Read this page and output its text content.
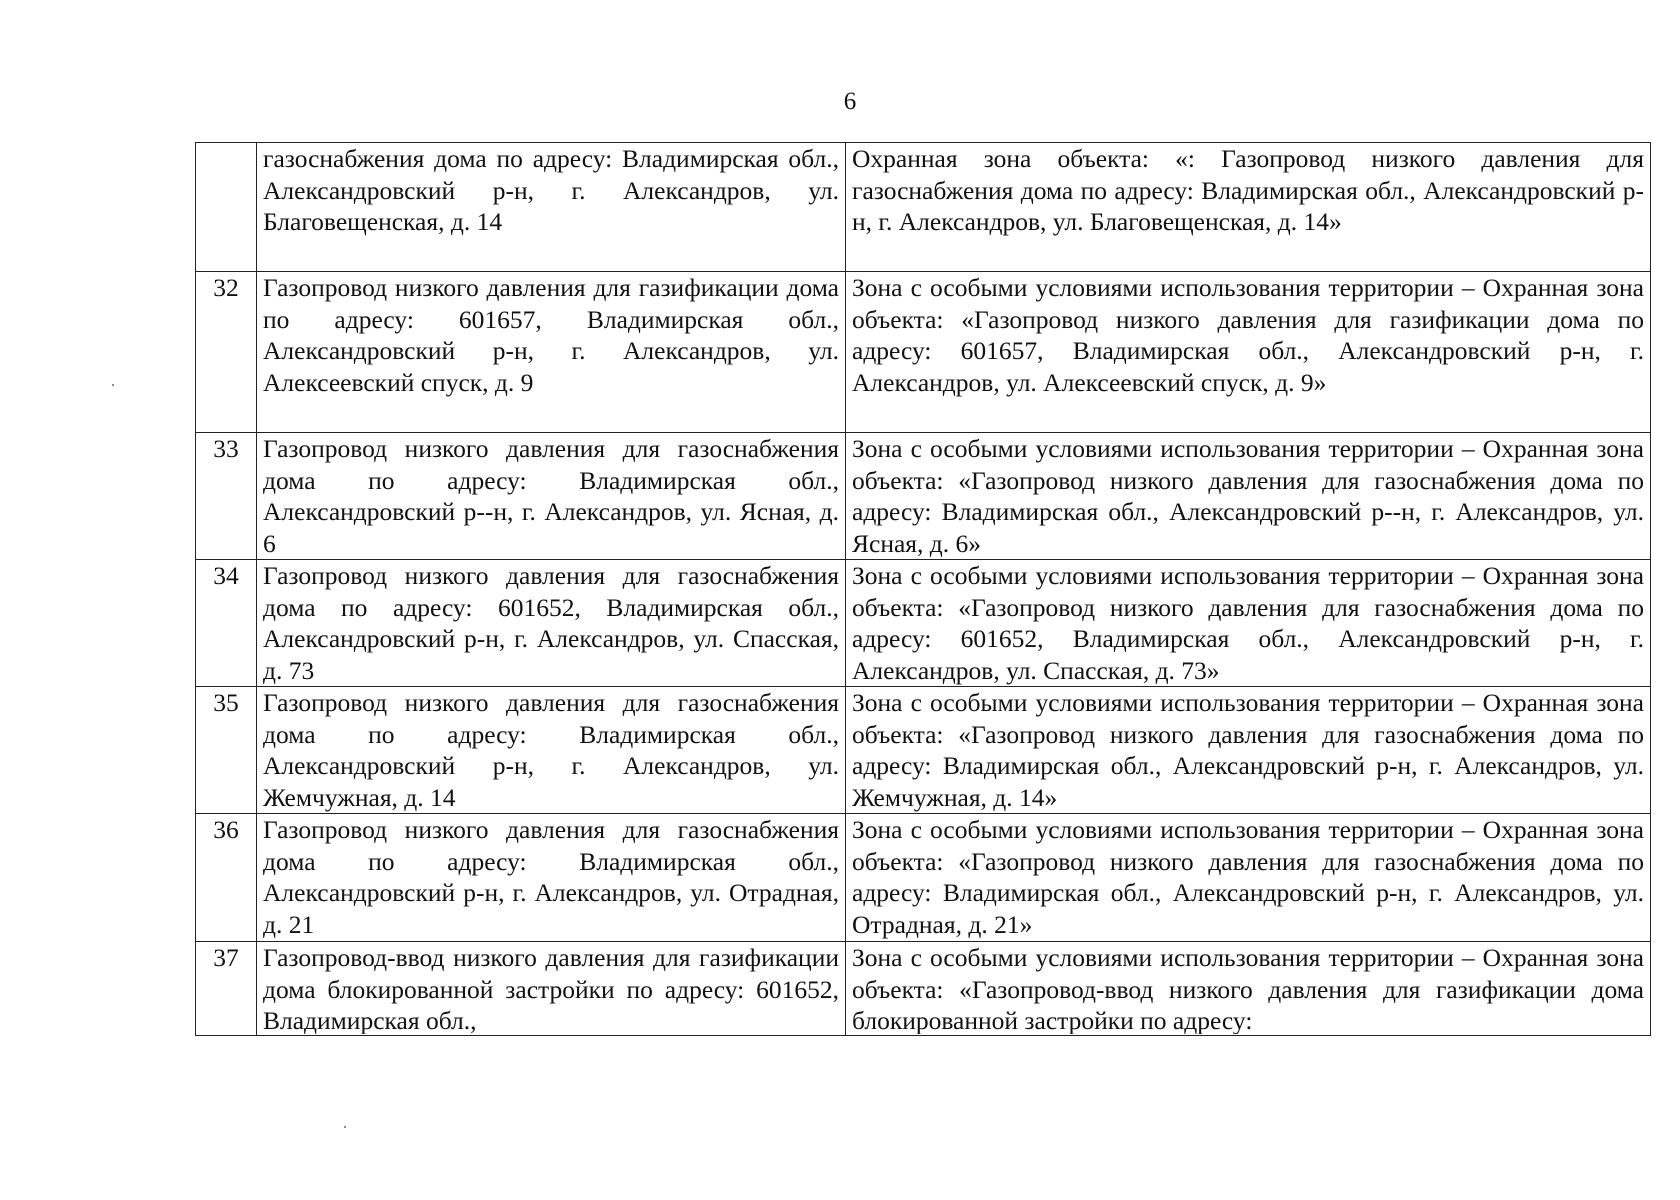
6
	газоснабжения дома по адресу: Владимирская обл., Александровский р-н, г. Александров, ул. Благовещенская, д. 14	Охранная зона объекта: «: Газопровод низкого давления для газоснабжения дома по адресу: Владимирская обл., Александровский р-н, г. Александров, ул. Благовещенская, д. 14»
32	Газопровод низкого давления для газификации дома по адресу: 601657, Владимирская обл., Александровский р-н, г. Александров, ул. Алексеевский спуск, д. 9	Зона с особыми условиями использования территории – Охранная зона объекта: «Газопровод низкого давления для газификации дома по адресу: 601657, Владимирская обл., Александровский р-н, г. Александров, ул. Алексеевский спуск, д. 9»
33	Газопровод низкого давления для газоснабжения дома по адресу: Владимирская обл., Александровский р--н, г. Александров, ул. Ясная, д. 6	Зона с особыми условиями использования территории – Охранная зона объекта: «Газопровод низкого давления для газоснабжения дома по адресу: Владимирская обл., Александровский р--н, г. Александров, ул. Ясная, д. 6»
34	Газопровод низкого давления для газоснабжения дома по адресу: 601652, Владимирская обл., Александровский р-н, г. Александров, ул. Спасская, д. 73	Зона с особыми условиями использования территории – Охранная зона объекта: «Газопровод низкого давления для газоснабжения дома по адресу: 601652, Владимирская обл., Александровский р-н, г. Александров, ул. Спасская, д. 73»
35	Газопровод низкого давления для газоснабжения дома по адресу: Владимирская обл., Александровский р-н, г. Александров, ул. Жемчужная, д. 14	Зона с особыми условиями использования территории – Охранная зона объекта: «Газопровод низкого давления для газоснабжения дома по адресу: Владимирская обл., Александровский р-н, г. Александров, ул. Жемчужная, д. 14»
36	Газопровод низкого давления для газоснабжения дома по адресу: Владимирская обл., Александровский р-н, г. Александров, ул. Отрадная, д. 21	Зона с особыми условиями использования территории – Охранная зона объекта: «Газопровод низкого давления для газоснабжения дома по адресу: Владимирская обл., Александровский р-н, г. Александров, ул. Отрадная, д. 21»
37	Газопровод-ввод низкого давления для газификации дома блокированной застройки по адресу: 601652, Владимирская обл.,	Зона с особыми условиями использования территории – Охранная зона объекта: «Газопровод-ввод низкого давления для газификации дома блокированной застройки по адресу:
